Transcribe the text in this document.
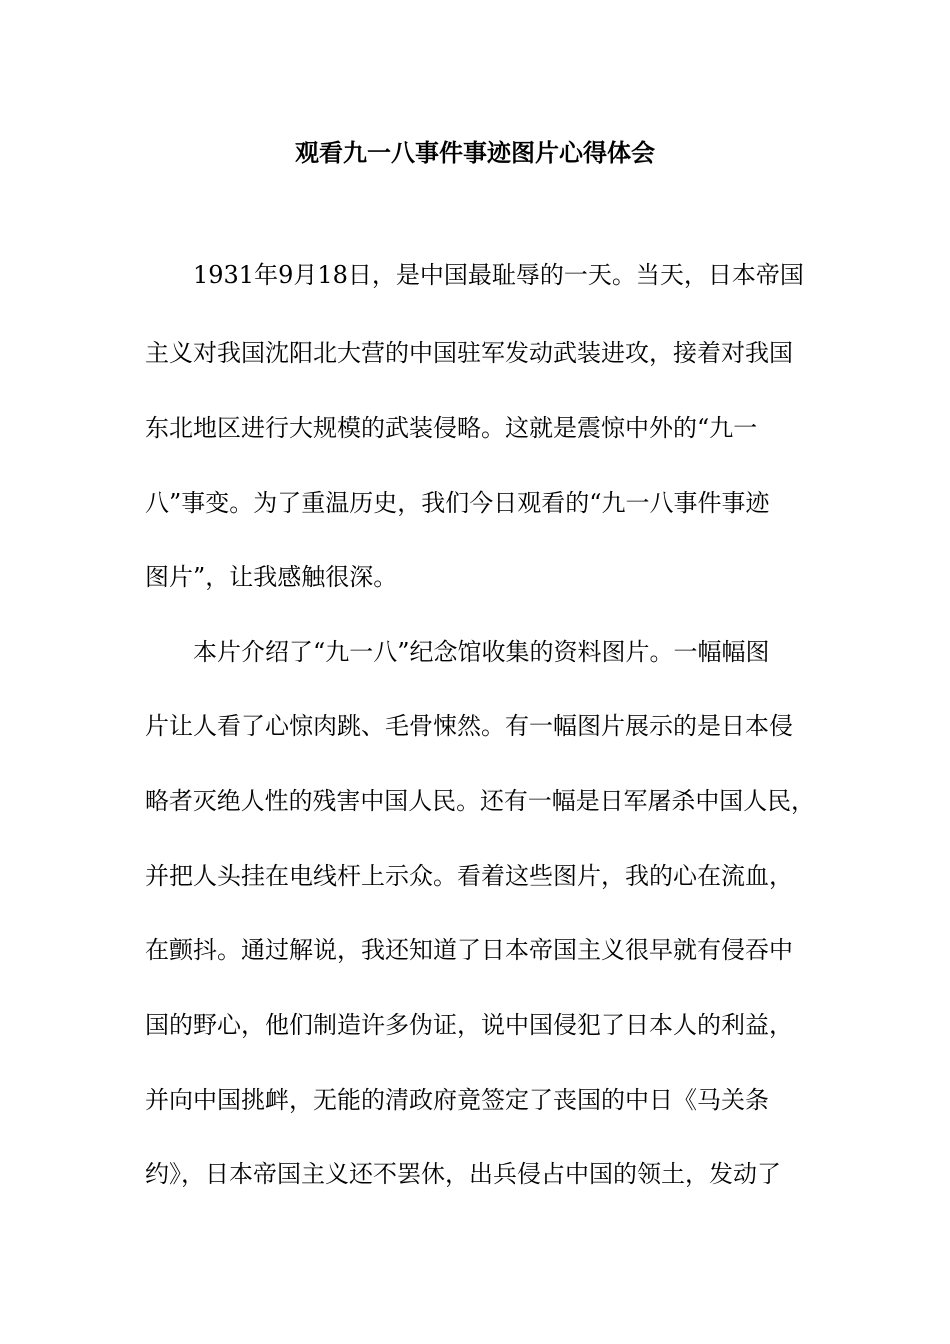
观看九一八事件事迹图片心得体会
1931年9月18日，是中国最耻辱的一天。当天，日本帝国
主义对我国沈阳北大营的中国驻军发动武装进攻，接着对我国
东北地区进行大规模的武装侵略。这就是震惊中外的“九一
八”事变。为了重温历史，我们今日观看的“九一八事件事迹
图片”，让我感触很深。
本片介绍了“九一八”纪念馆收集的资料图片。一幅幅图
片让人看了心惊肉跳、毛骨悚然。有一幅图片展示的是日本侵
略者灭绝人性的残害中国人民。还有一幅是日军屠杀中国人民，
并把人头挂在电线杆上示众。看着这些图片，我的心在流血，
在颤抖。通过解说，我还知道了日本帝国主义很早就有侵吞中
国的野心，他们制造许多伪证，说中国侵犯了日本人的利益，
并向中国挑衅，无能的清政府竟签定了丧国的中日《马关条
约》，日本帝国主义还不罢休，出兵侵占中国的领土，发动了
